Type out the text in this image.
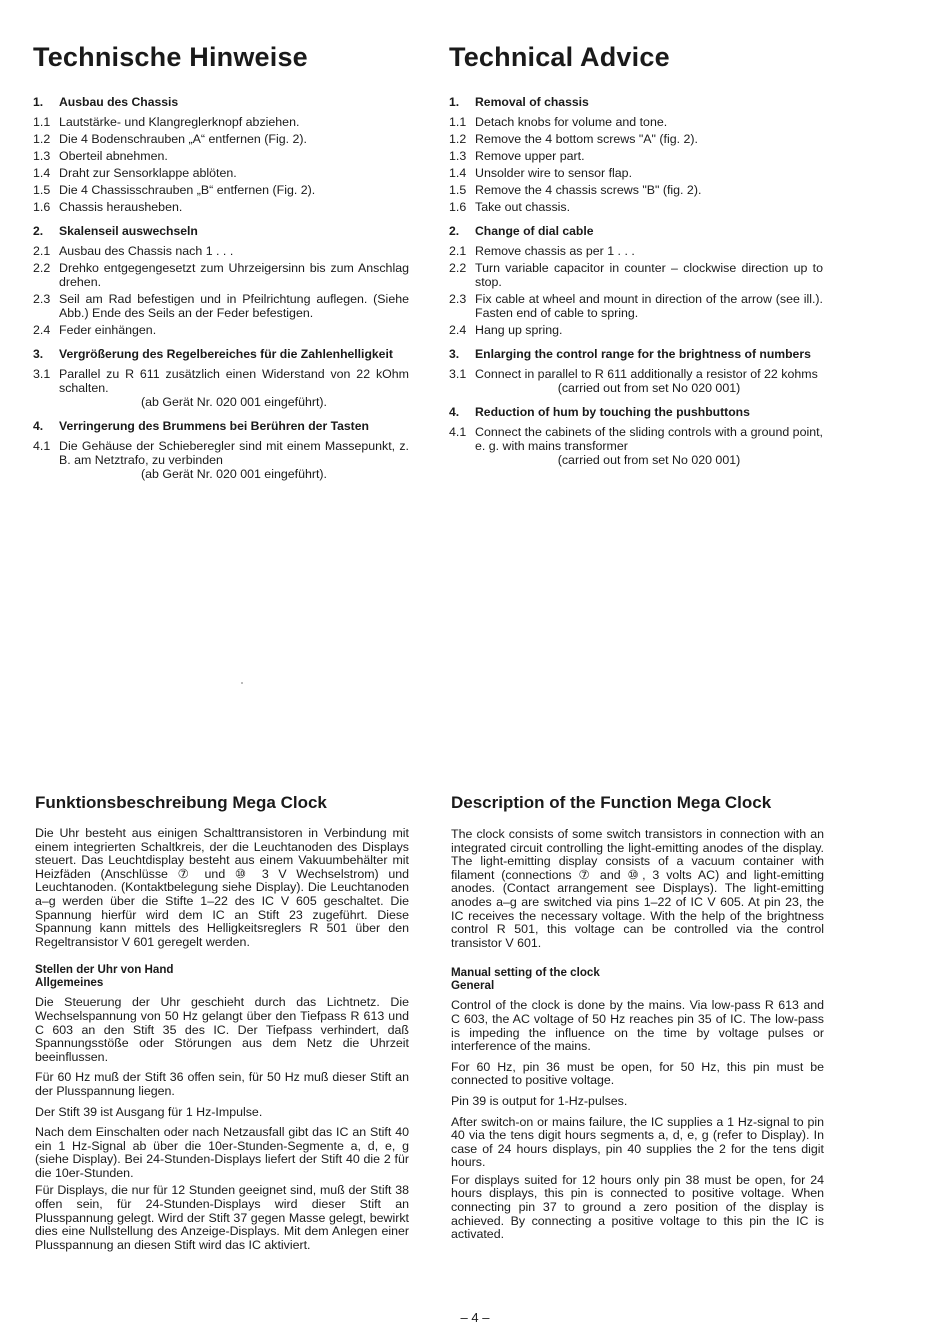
Technische Hinweise
1.	Ausbau des Chassis
1.1 Lautstärke- und Klangreglerknopf abziehen.
1.2 Die 4 Bodenschrauben „A“ entfernen (Fig. 2).
1.3 Oberteil abnehmen.
1.4 Draht zur Sensorklappe ablöten.
1.5 Die 4 Chassisschrauben „B“ entfernen (Fig. 2).
1.6 Chassis herausheben.
2.	Skalenseil auswechseln
2.1 Ausbau des Chassis nach 1 . . .
2.2 Drehko entgegengesetzt zum Uhrzeigersinn bis zum Anschlag drehen.
2.3 Seil am Rad befestigen und in Pfeilrichtung auflegen. (Siehe Abb.) Ende des Seils an der Feder befestigen.
2.4 Feder einhängen.
3.	Vergrößerung des Regelbereiches für die Zahlenhelligkeit
3.1 Parallel zu R 611 zusätzlich einen Widerstand von 22 kOhm schalten.
(ab Gerät Nr. 020 001 eingeführt).
4.	Verringerung des Brummens bei Berühren der Tasten
4.1 Die Gehäuse der Schieberegler sind mit einem Massepunkt, z. B. am Netztrafo, zu verbinden
(ab Gerät Nr. 020 001 eingeführt).
Technical Advice
1.	Removal of chassis
1.1 Detach knobs for volume and tone.
1.2 Remove the 4 bottom screws "A" (fig. 2).
1.3 Remove upper part.
1.4 Unsolder wire to sensor flap.
1.5 Remove the 4 chassis screws "B" (fig. 2).
1.6 Take out chassis.
2.	Change of dial cable
2.1 Remove chassis as per 1 . . .
2.2 Turn variable capacitor in counter – clockwise direction up to stop.
2.3 Fix cable at wheel and mount in direction of the arrow (see ill.). Fasten end of cable to spring.
2.4 Hang up spring.
3.	Enlarging the control range for the brightness of numbers
3.1 Connect in parallel to R 611 additionally a resistor of 22 kohms
(carried out from set No 020 001)
4.	Reduction of hum by touching the pushbuttons
4.1 Connect the cabinets of the sliding controls with a ground point, e. g. with mains transformer
(carried out from set No 020 001)
Funktionsbeschreibung Mega Clock

Die Uhr besteht aus einigen Schalttransistoren in Verbindung mit einem integrierten Schaltkreis, der die Leuchtanoden des Displays steuert. Das Leuchtdisplay besteht aus einem Vakuumbehälter mit Heizfäden (Anschlüsse ⑦ und ⑩ 3 V Wechselstrom) und Leuchtanoden. (Kontaktbelegung siehe Display). Die Leuchtanoden a–g werden über die Stifte 1–22 des IC V 605 geschaltet. Die Spannung hierfür wird dem IC an Stift 23 zugeführt. Diese Spannung kann mittels des Helligkeitsreglers R 501 über den Regeltransistor V 601 geregelt werden.

Stellen der Uhr von Hand

Allgemeines

Die Steuerung der Uhr geschieht durch das Lichtnetz. Die Wechselspannung von 50 Hz gelangt über den Tiefpass R 613 und C 603 an den Stift 35 des IC. Der Tiefpass verhindert, daß Spannungsstöße oder Störungen aus dem Netz die Uhrzeit beeinflussen.

Für 60 Hz muß der Stift 36 offen sein, für 50 Hz muß dieser Stift an der Plusspannung liegen.

Der Stift 39 ist Ausgang für 1 Hz-Impulse.

Nach dem Einschalten oder nach Netzausfall gibt das IC an Stift 40 ein 1 Hz-Signal ab über die 10er-Stunden-Segmente a, d, e, g (siehe Display). Bei 24-Stunden-Displays liefert der Stift 40 die 2 für die 10er-Stunden.

Für Displays, die nur für 12 Stunden geeignet sind, muß der Stift 38 offen sein, für 24-Stunden-Displays wird dieser Stift an Plusspannung gelegt. Wird der Stift 37 gegen Masse gelegt, bewirkt dies eine Nullstellung des Anzeige-Displays. Mit dem Anlegen einer Plusspannung an diesen Stift wird das IC aktiviert.

Description of the Function Mega Clock

The clock consists of some switch transistors in connection with an integrated circuit controlling the light-emitting anodes of the display. The light-emitting display consists of a vacuum container with filament (connections ⑦ and ⑩, 3 volts AC) and light-emitting anodes. (Contact arrangement see Displays). The light-emitting anodes a–g are switched via pins 1–22 of IC V 605. At pin 23, the IC receives the necessary voltage. With the help of the brightness control R 501, this voltage can be controlled via the control transistor V 601.

Manual setting of the clock

General

Control of the clock is done by the mains. Via low-pass R 613 and C 603, the AC voltage of 50 Hz reaches pin 35 of IC. The low-pass is impeding the influence on the time by voltage pulses or interference of the mains.

For 60 Hz, pin 36 must be open, for 50 Hz, this pin must be connected to positive voltage.

Pin 39 is output for 1-Hz-pulses.

After switch-on or mains failure, the IC supplies a 1 Hz-signal to pin 40 via the tens digit hours segments a, d, e, g (refer to Display). In case of 24 hours displays, pin 40 supplies the 2 for the tens digit hours.

For displays suited for 12 hours only pin 38 must be open, for 24 hours displays, this pin is connected to positive voltage. When connecting pin 37 to ground a zero position of the display is achieved. By connecting a positive voltage to this pin the IC is activated.

– 4 –
